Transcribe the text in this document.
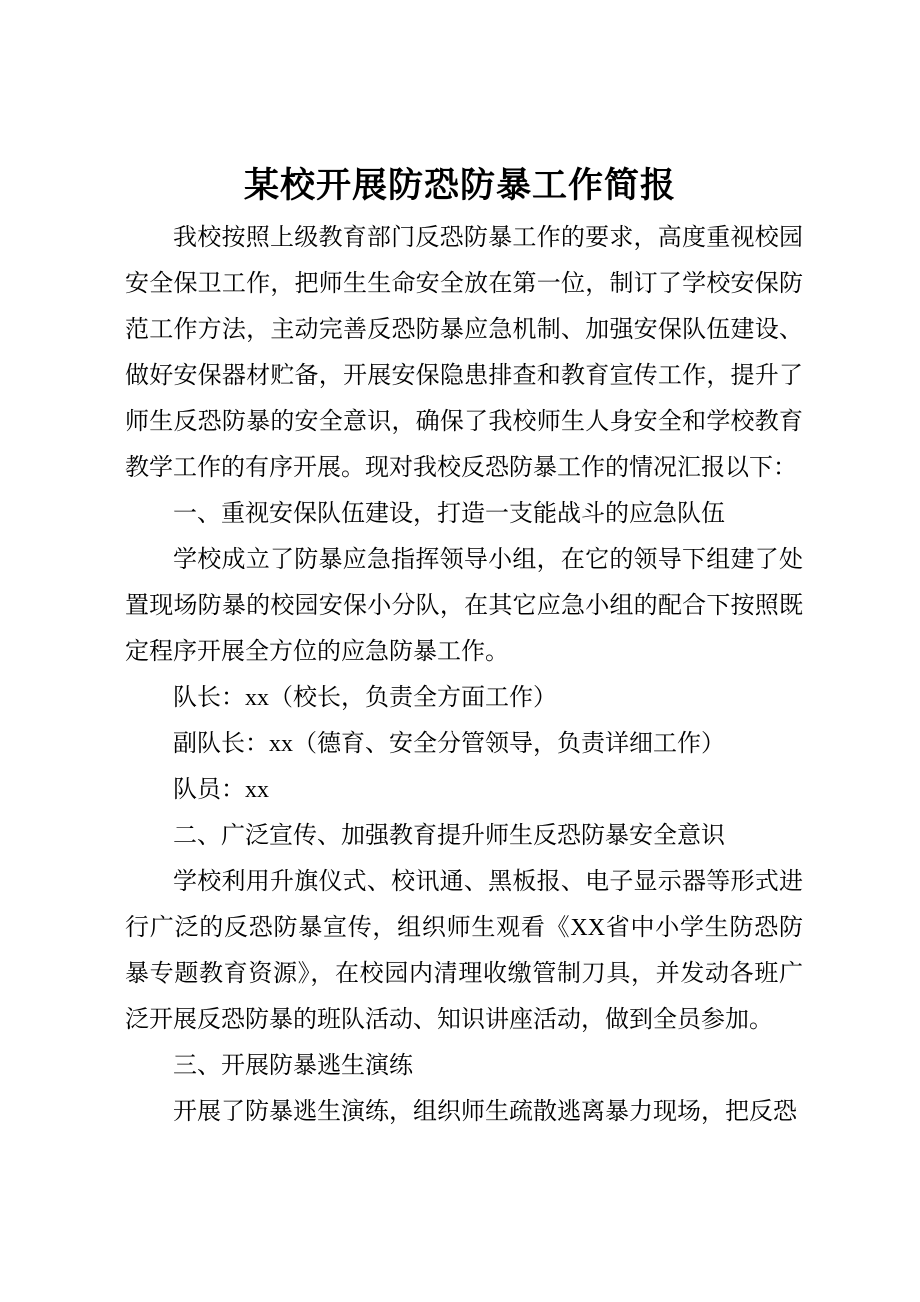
某校开展防恐防暴工作简报

我校按照上级教育部门反恐防暴工作的要求，高度重视校园安全保卫工作，把师生生命安全放在第一位，制订了学校安保防范工作方法，主动完善反恐防暴应急机制、加强安保队伍建设、做好安保器材贮备，开展安保隐患排查和教育宣传工作，提升了师生反恐防暴的安全意识，确保了我校师生人身安全和学校教育教学工作的有序开展。现对我校反恐防暴工作的情况汇报以下：

一、重视安保队伍建设，打造一支能战斗的应急队伍

学校成立了防暴应急指挥领导小组，在它的领导下组建了处置现场防暴的校园安保小分队，在其它应急小组的配合下按照既定程序开展全方位的应急防暴工作。

队长：xx（校长，负责全方面工作）

副队长：xx（德育、安全分管领导，负责详细工作）

队员：xx

二、广泛宣传、加强教育提升师生反恐防暴安全意识

学校利用升旗仪式、校讯通、黑板报、电子显示器等形式进行广泛的反恐防暴宣传，组织师生观看《XX省中小学生防恐防暴专题教育资源》，在校园内清理收缴管制刀具，并发动各班广泛开展反恐防暴的班队活动、知识讲座活动，做到全员参加。

三、开展防暴逃生演练

开展了防暴逃生演练，组织师生疏散逃离暴力现场，把反恐
